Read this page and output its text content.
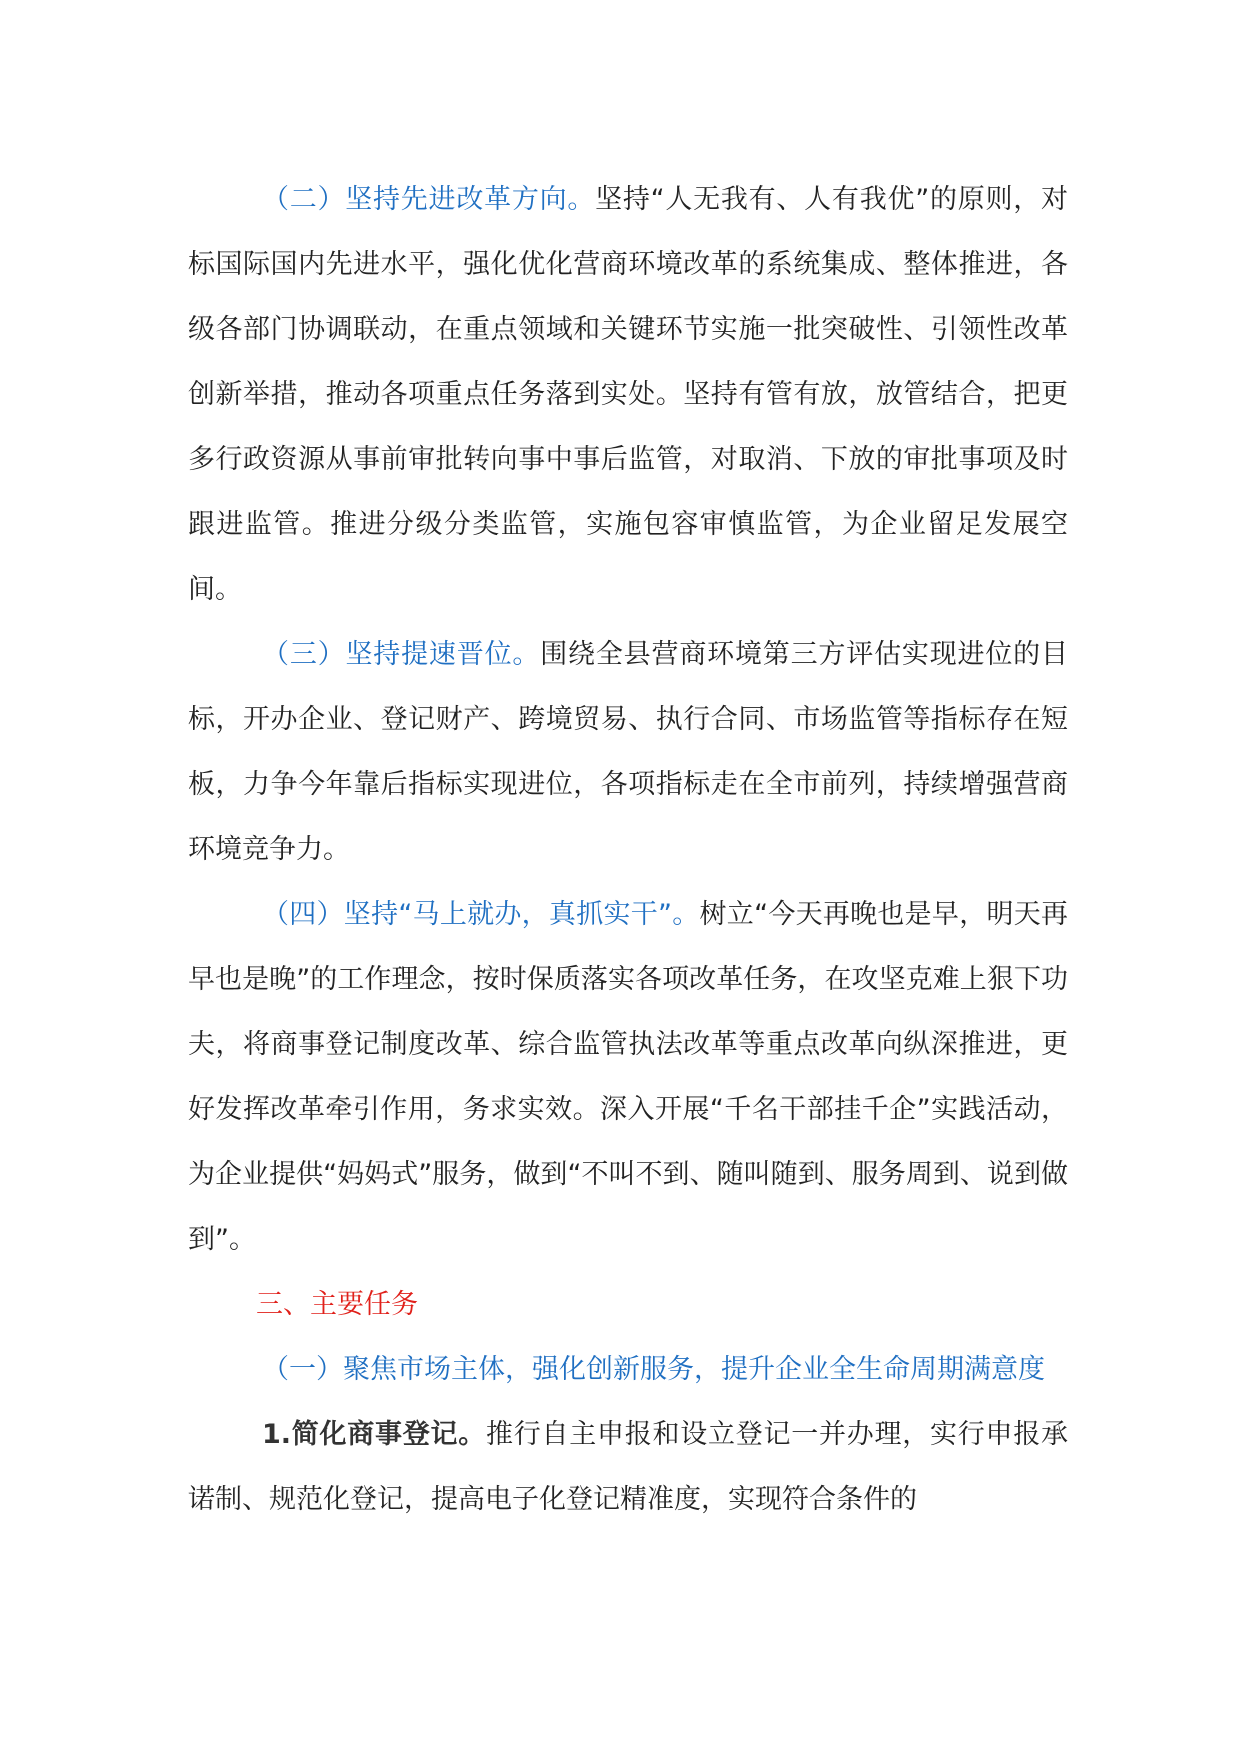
（二）坚持先进改革方向。坚持“人无我有、人有我优”的原则，对标国际国内先进水平，强化优化营商环境改革的系统集成、整体推进，各级各部门协调联动，在重点领域和关键环节实施一批突破性、引领性改革创新举措，推动各项重点任务落到实处。坚持有管有放，放管结合，把更多行政资源从事前审批转向事中事后监管，对取消、下放的审批事项及时跟进监管。推进分级分类监管，实施包容审慎监管，为企业留足发展空间。

（三）坚持提速晋位。围绕全县营商环境第三方评估实现进位的目标，开办企业、登记财产、跨境贸易、执行合同、市场监管等指标存在短板，力争今年靠后指标实现进位，各项指标走在全市前列，持续增强营商环境竞争力。

（四）坚持“马上就办，真抓实干”。树立“今天再晚也是早，明天再早也是晚”的工作理念，按时保质落实各项改革任务，在攻坚克难上狠下功夫，将商事登记制度改革、综合监管执法改革等重点改革向纵深推进，更好发挥改革牵引作用，务求实效。深入开展“千名干部挂千企”实践活动，为企业提供“妈妈式”服务，做到“不叫不到、随叫随到、服务周到、说到做到”。

三、主要任务

（一）聚焦市场主体，强化创新服务，提升企业全生命周期满意度

1.简化商事登记。推行自主申报和设立登记一并办理，实行申报承诺制、规范化登记，提高电子化登记精准度，实现符合条件的
